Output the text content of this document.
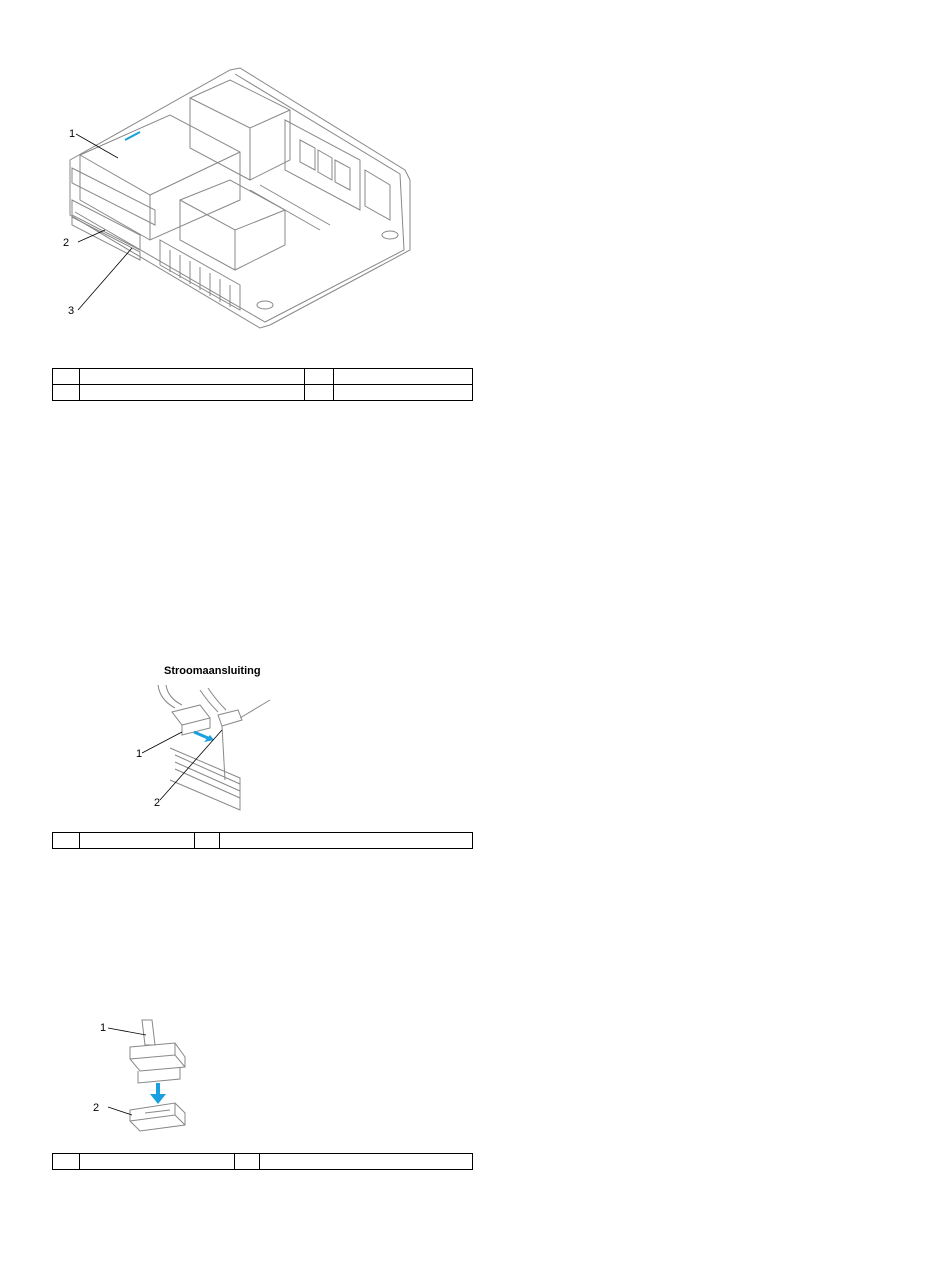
1
2
3

Stroomaansluiting
1
2

1
2
